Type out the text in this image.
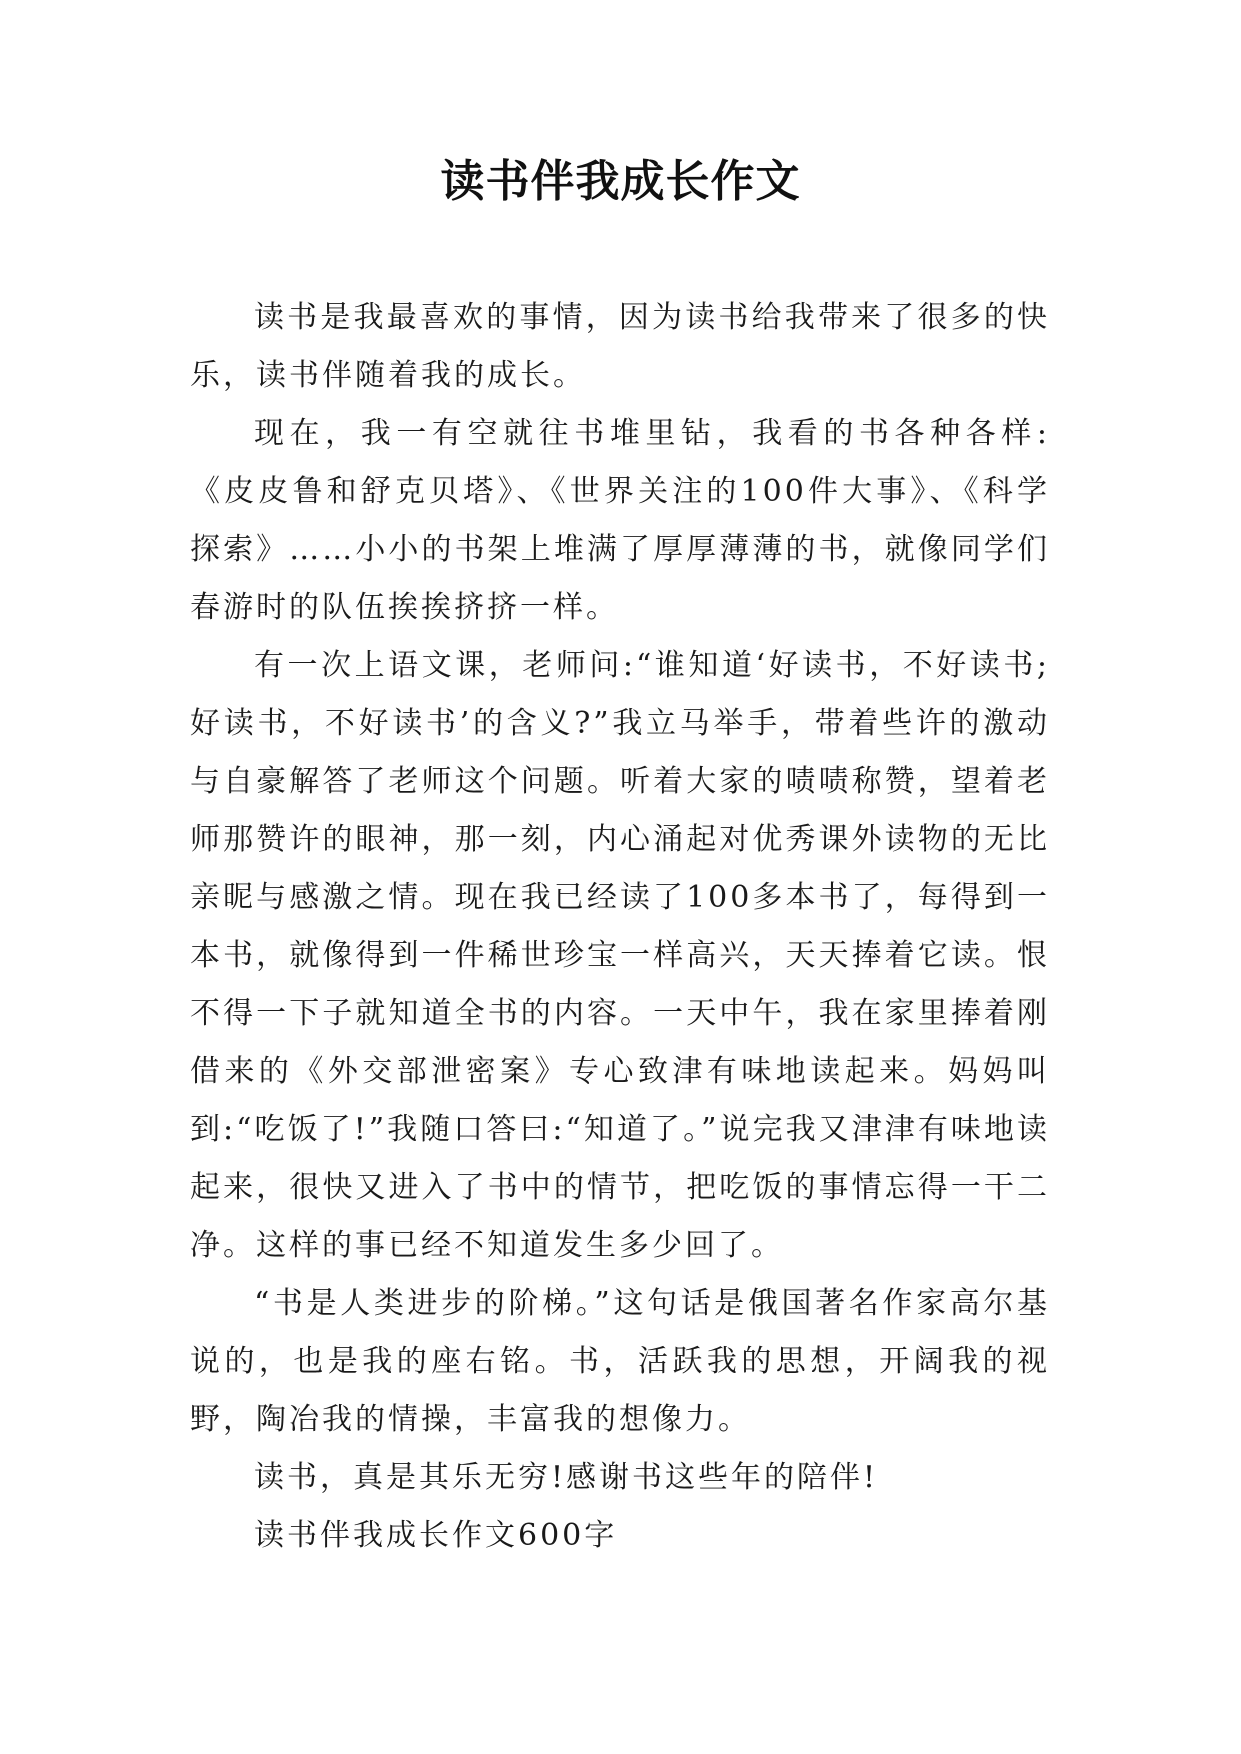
读书伴我成长作文

读书是我最喜欢的事情，因为读书给我带来了很多的快乐，读书伴随着我的成长。

现在，我一有空就往书堆里钻，我看的书各种各样:《皮皮鲁和舒克贝塔》、《世界关注的100件大事》、《科学探索》……小小的书架上堆满了厚厚薄薄的书，就像同学们春游时的队伍挨挨挤挤一样。

有一次上语文课，老师问:“谁知道‘好读书，不好读书;好读书，不好读书’的含义?”我立马举手，带着些许的激动与自豪解答了老师这个问题。听着大家的啧啧称赞，望着老师那赞许的眼神，那一刻，内心涌起对优秀课外读物的无比亲昵与感激之情。现在我已经读了100多本书了，每得到一本书，就像得到一件稀世珍宝一样高兴，天天捧着它读。恨不得一下子就知道全书的内容。一天中午，我在家里捧着刚借来的《外交部泄密案》专心致津有味地读起来。妈妈叫到:“吃饭了!”我随口答曰:“知道了。”说完我又津津有味地读起来，很快又进入了书中的情节，把吃饭的事情忘得一干二净。这样的事已经不知道发生多少回了。

“书是人类进步的阶梯。”这句话是俄国著名作家高尔基说的，也是我的座右铭。书，活跃我的思想，开阔我的视野，陶冶我的情操，丰富我的想像力。

读书，真是其乐无穷!感谢书这些年的陪伴!

读书伴我成长作文600字
